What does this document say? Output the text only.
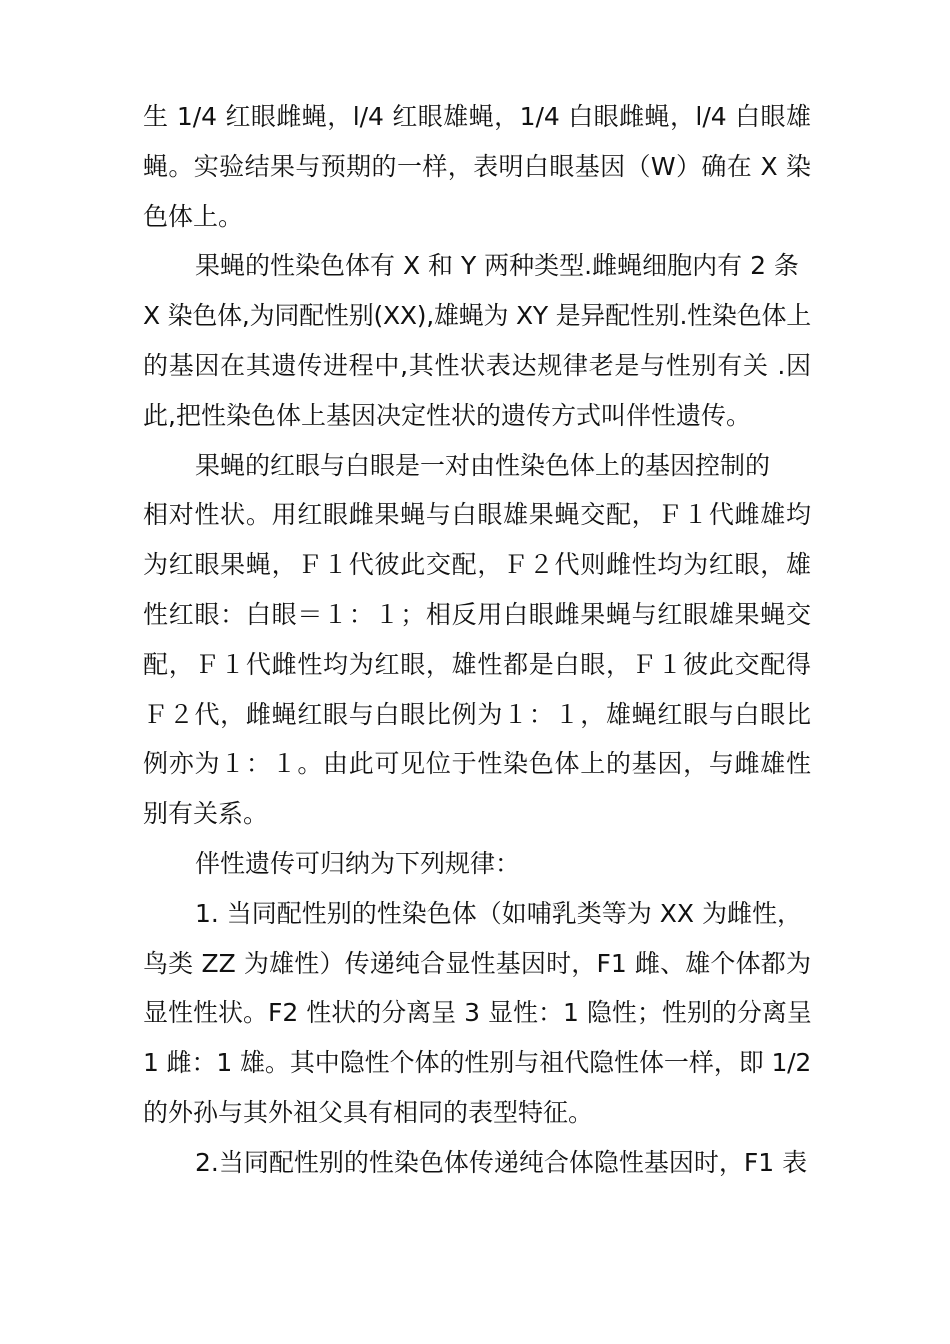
生 1/4 红眼雌蝇，l/4 红眼雄蝇，1/4 白眼雌蝇，l/4 白眼雄
蝇。实验结果与预期的一样，表明白眼基因（W）确在 X 染
色体上。
果蝇的性染色体有 X 和 Y 两种类型.雌蝇细胞内有 2 条
X 染色体,为同配性别(XX),雄蝇为 XY 是异配性别.性染色体上
的基因在其遗传进程中,其性状表达规律老是与性别有关 .因
此,把性染色体上基因决定性状的遗传方式叫伴性遗传。
果蝇的红眼与白眼是一对由性染色体上的基因控制的
相对性状。用红眼雌果蝇与白眼雄果蝇交配，Ｆ１代雌雄均
为红眼果蝇，Ｆ１代彼此交配，Ｆ２代则雌性均为红眼，雄
性红眼：白眼＝１：１；相反用白眼雌果蝇与红眼雄果蝇交
配，Ｆ１代雌性均为红眼，雄性都是白眼，Ｆ１彼此交配得
Ｆ２代，雌蝇红眼与白眼比例为１：１，雄蝇红眼与白眼比
例亦为１：１。由此可见位于性染色体上的基因，与雌雄性
别有关系。
伴性遗传可归纳为下列规律：
1. 当同配性别的性染色体（如哺乳类等为 XX 为雌性，
鸟类 ZZ 为雄性）传递纯合显性基因时，F1 雌、雄个体都为
显性性状。F2 性状的分离呈 3 显性：1 隐性；性别的分离呈
1 雌：1 雄。其中隐性个体的性别与祖代隐性体一样，即 1/2
的外孙与其外祖父具有相同的表型特征。
2.当同配性别的性染色体传递纯合体隐性基因时，F1 表
